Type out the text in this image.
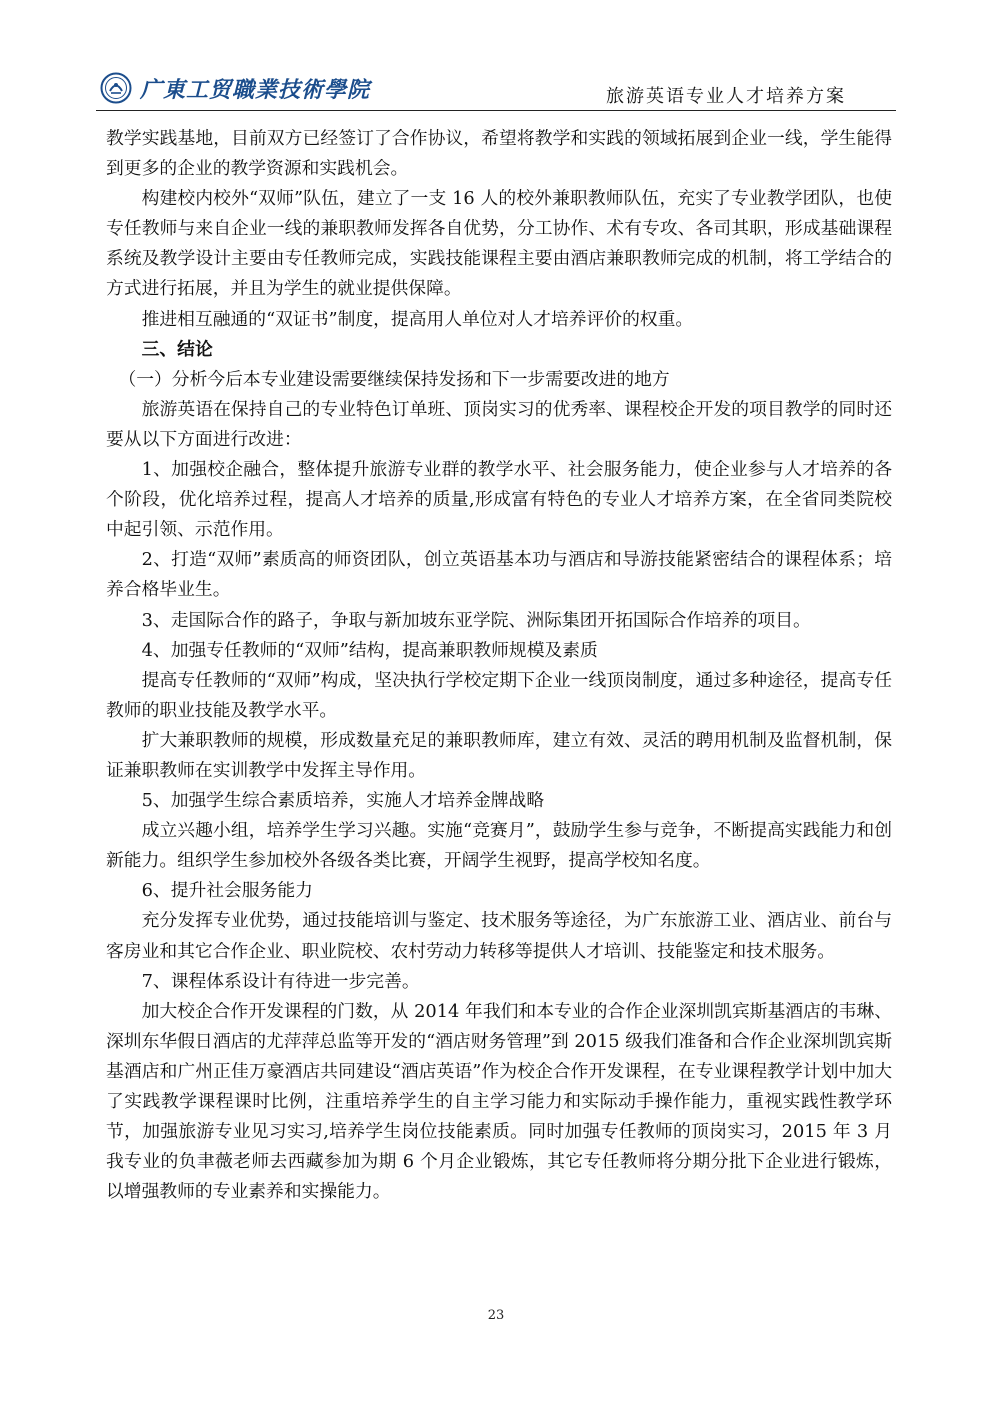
广東工贸職業技術學院	旅游英语专业人才培养方案

教学实践基地，目前双方已经签订了合作协议，希望将教学和实践的领域拓展到企业一线，学生能得到更多的企业的教学资源和实践机会。

构建校内校外“双师”队伍，建立了一支 16 人的校外兼职教师队伍，充实了专业教学团队，也使专任教师与来自企业一线的兼职教师发挥各自优势，分工协作、术有专攻、各司其职，形成基础课程系统及教学设计主要由专任教师完成，实践技能课程主要由酒店兼职教师完成的机制，将工学结合的方式进行拓展，并且为学生的就业提供保障。

推进相互融通的“双证书”制度，提高用人单位对人才培养评价的权重。

三、结论

（一）分析今后本专业建设需要继续保持发扬和下一步需要改进的地方

旅游英语在保持自己的专业特色订单班、顶岗实习的优秀率、课程校企开发的项目教学的同时还要从以下方面进行改进：

1、加强校企融合，整体提升旅游专业群的教学水平、社会服务能力，使企业参与人才培养的各个阶段，优化培养过程，提高人才培养的质量,形成富有特色的专业人才培养方案，在全省同类院校中起引领、示范作用。

2、打造“双师”素质高的师资团队，创立英语基本功与酒店和导游技能紧密结合的课程体系；培养合格毕业生。

3、走国际合作的路子，争取与新加坡东亚学院、洲际集团开拓国际合作培养的项目。

4、加强专任教师的“双师”结构，提高兼职教师规模及素质

提高专任教师的“双师”构成，坚决执行学校定期下企业一线顶岗制度，通过多种途径，提高专任教师的职业技能及教学水平。

扩大兼职教师的规模，形成数量充足的兼职教师库，建立有效、灵活的聘用机制及监督机制，保证兼职教师在实训教学中发挥主导作用。

5、加强学生综合素质培养，实施人才培养金牌战略

成立兴趣小组，培养学生学习兴趣。实施“竞赛月”，鼓励学生参与竞争，不断提高实践能力和创新能力。组织学生参加校外各级各类比赛，开阔学生视野，提高学校知名度。

6、提升社会服务能力

充分发挥专业优势，通过技能培训与鉴定、技术服务等途径，为广东旅游工业、酒店业、前台与客房业和其它合作企业、职业院校、农村劳动力转移等提供人才培训、技能鉴定和技术服务。

7、课程体系设计有待进一步完善。

加大校企合作开发课程的门数，从 2014 年我们和本专业的合作企业深圳凯宾斯基酒店的韦琳、深圳东华假日酒店的尤萍萍总监等开发的“酒店财务管理”到 2015 级我们准备和合作企业深圳凯宾斯基酒店和广州正佳万豪酒店共同建设“酒店英语”作为校企合作开发课程，在专业课程教学计划中加大了实践教学课程课时比例，注重培养学生的自主学习能力和实际动手操作能力，重视实践性教学环节，加强旅游专业见习实习,培养学生岗位技能素质。同时加强专任教师的顶岗实习，2015 年 3 月我专业的负聿薇老师去西藏参加为期 6 个月企业锻炼，其它专任教师将分期分批下企业进行锻炼，以增强教师的专业素养和实操能力。

23
